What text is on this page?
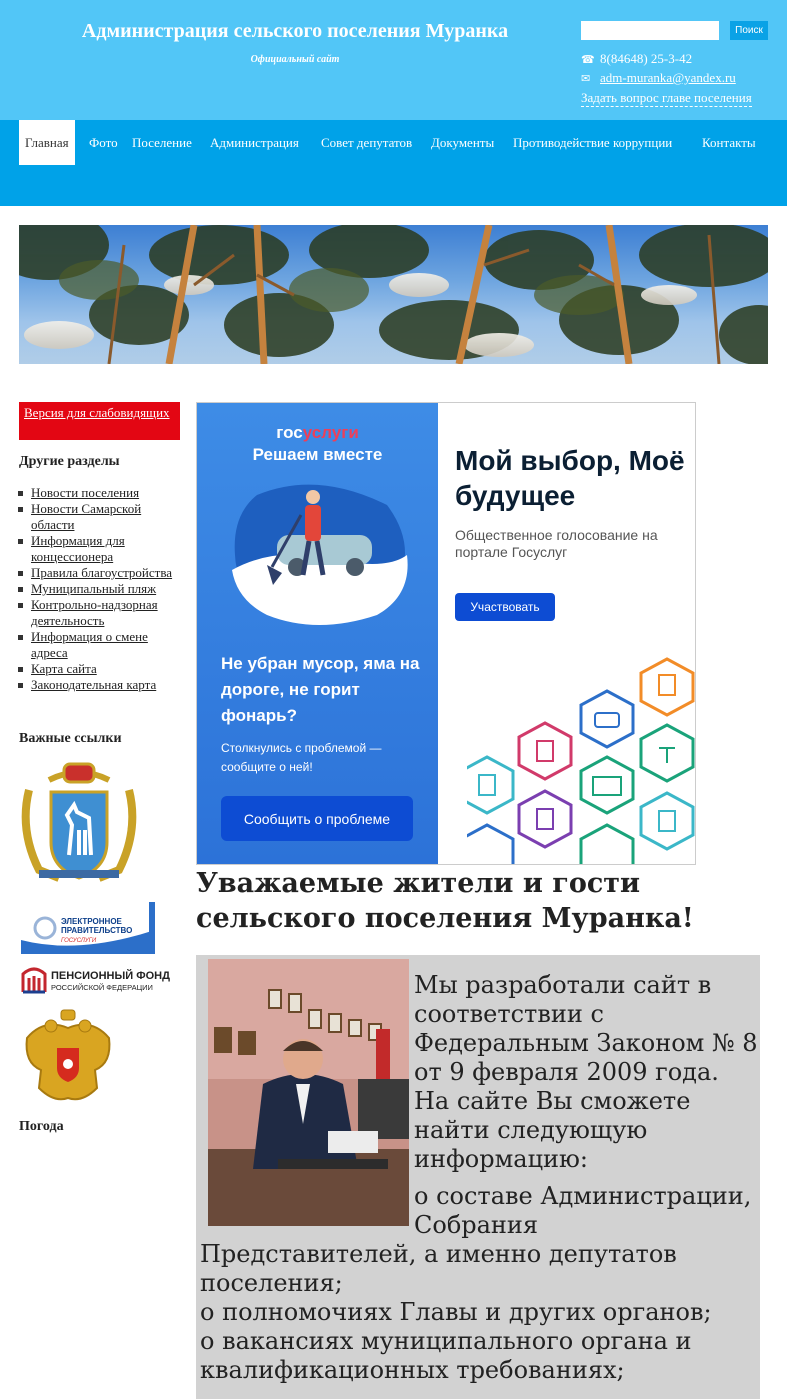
Администрация сельского поселения Муранка
Официальный сайт
Поиск
☎ 8(84648) 25-3-42
✉ adm-muranka@yandex.ru
Задать вопрос главе поселения
Главная	Фото Поселение Администрация Совет депутатов Документы Противодействие коррупции Контакты
Версия для слабовидящих
Другие разделы
Новости поселения
Новости Самарской области
Информация для концессионера
Правила благоустройства
Муниципальный пляж
Контрольно-надзорная деятельность
Информация о смене адреса
Карта сайта
Законодательная карта
Важные ссылки
ЭЛЕКТРОННОЕ
ПРАВИТЕЛЬСТВО
ГОСУСЛУГИ
ПЕНСИОННЫЙ ФОНД
РОССИЙСКОЙ ФЕДЕРАЦИИ
Погода
госуслуги
Решаем вместе
Не убран мусор, яма на дороге, не горит фонарь?
Столкнулись с проблемой — сообщите о ней!
Сообщить о проблеме
Мой выбор, Моё будущее
Общественное голосование на портале Госуслуг
Участвовать
Уважаемые жители и гости сельского поселения Муранка!

Мы разработали сайт в соответствии с Федеральным Законом № 8 от 9 февраля 2009 года. На сайте Вы сможете найти следующую информацию:

о составе Администрации, Собрания Представителей, а именно депутатов поселения;

о полномочиях Главы и других органов;

о вакансиях муниципального органа и квалификационных требованиях;
